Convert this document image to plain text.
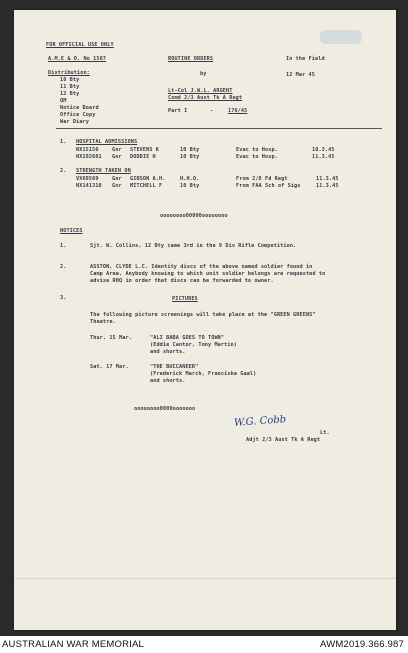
FOR OFFICIAL USE ONLY
A.M.E & O. No 1587	ROUTINE ORDERS	In the Field
Distribution:	by	12 Mar 45
10 Bty
11 Bty
12 Bty
QM
Notice Board
Office Copy
War Diary
Lt-Col J.W.L. ARGENT
Comd 2/3 Aust Tk A Regt
Part I	-	176/45
1. HOSPITAL ADMISSIONS
NX15156	Gnr STEVENS K	10 Bty	Evac to Hosp.	10.3.45
NX192601 Gnr DODDIE H	10 Bty	Evac to Hosp.	11.3.45
2. STRENGTH TAKEN ON
VX69569	Gnr GIBSON A.H.	H.H.Q.	From 2/8 Fd Regt	11.3.45
NX141310 Gnr MITCHELL F	10 Bty	From FAA Sch of Sigs	11.3.45
oooooooo00000oooooooo
NOTICES
1.	Sjt. W. Collins, 12 Bty came 3rd in the 9 Div Rifle Competition.
2.	ASSTON, CLYDE L.C. Identity discs of the above named soldier found in
Camp Area. Anybody knowing to which unit soldier belongs are requested to
advise RHQ in order that discs can be forwarded to owner.
3.	PICTURES
The following picture screenings will take place at the "GREEN GREENS"
Theatre.
Thur. 15 Mar.	"ALI BABA GOES TO TOWN"
(Eddie Cantor, Tony Martin)
and shorts.
Sat. 17 Mar.	"THE BUCCANEER"
(Frederick March, Franciska Gaal)
and shorts.
oooooooo0000ooooooo
W.G. Cobb
Lt.
Adjt 2/3 Aust Tk A Regt
AUSTRALIAN WAR MEMORIAL	AWM2019.366.987
